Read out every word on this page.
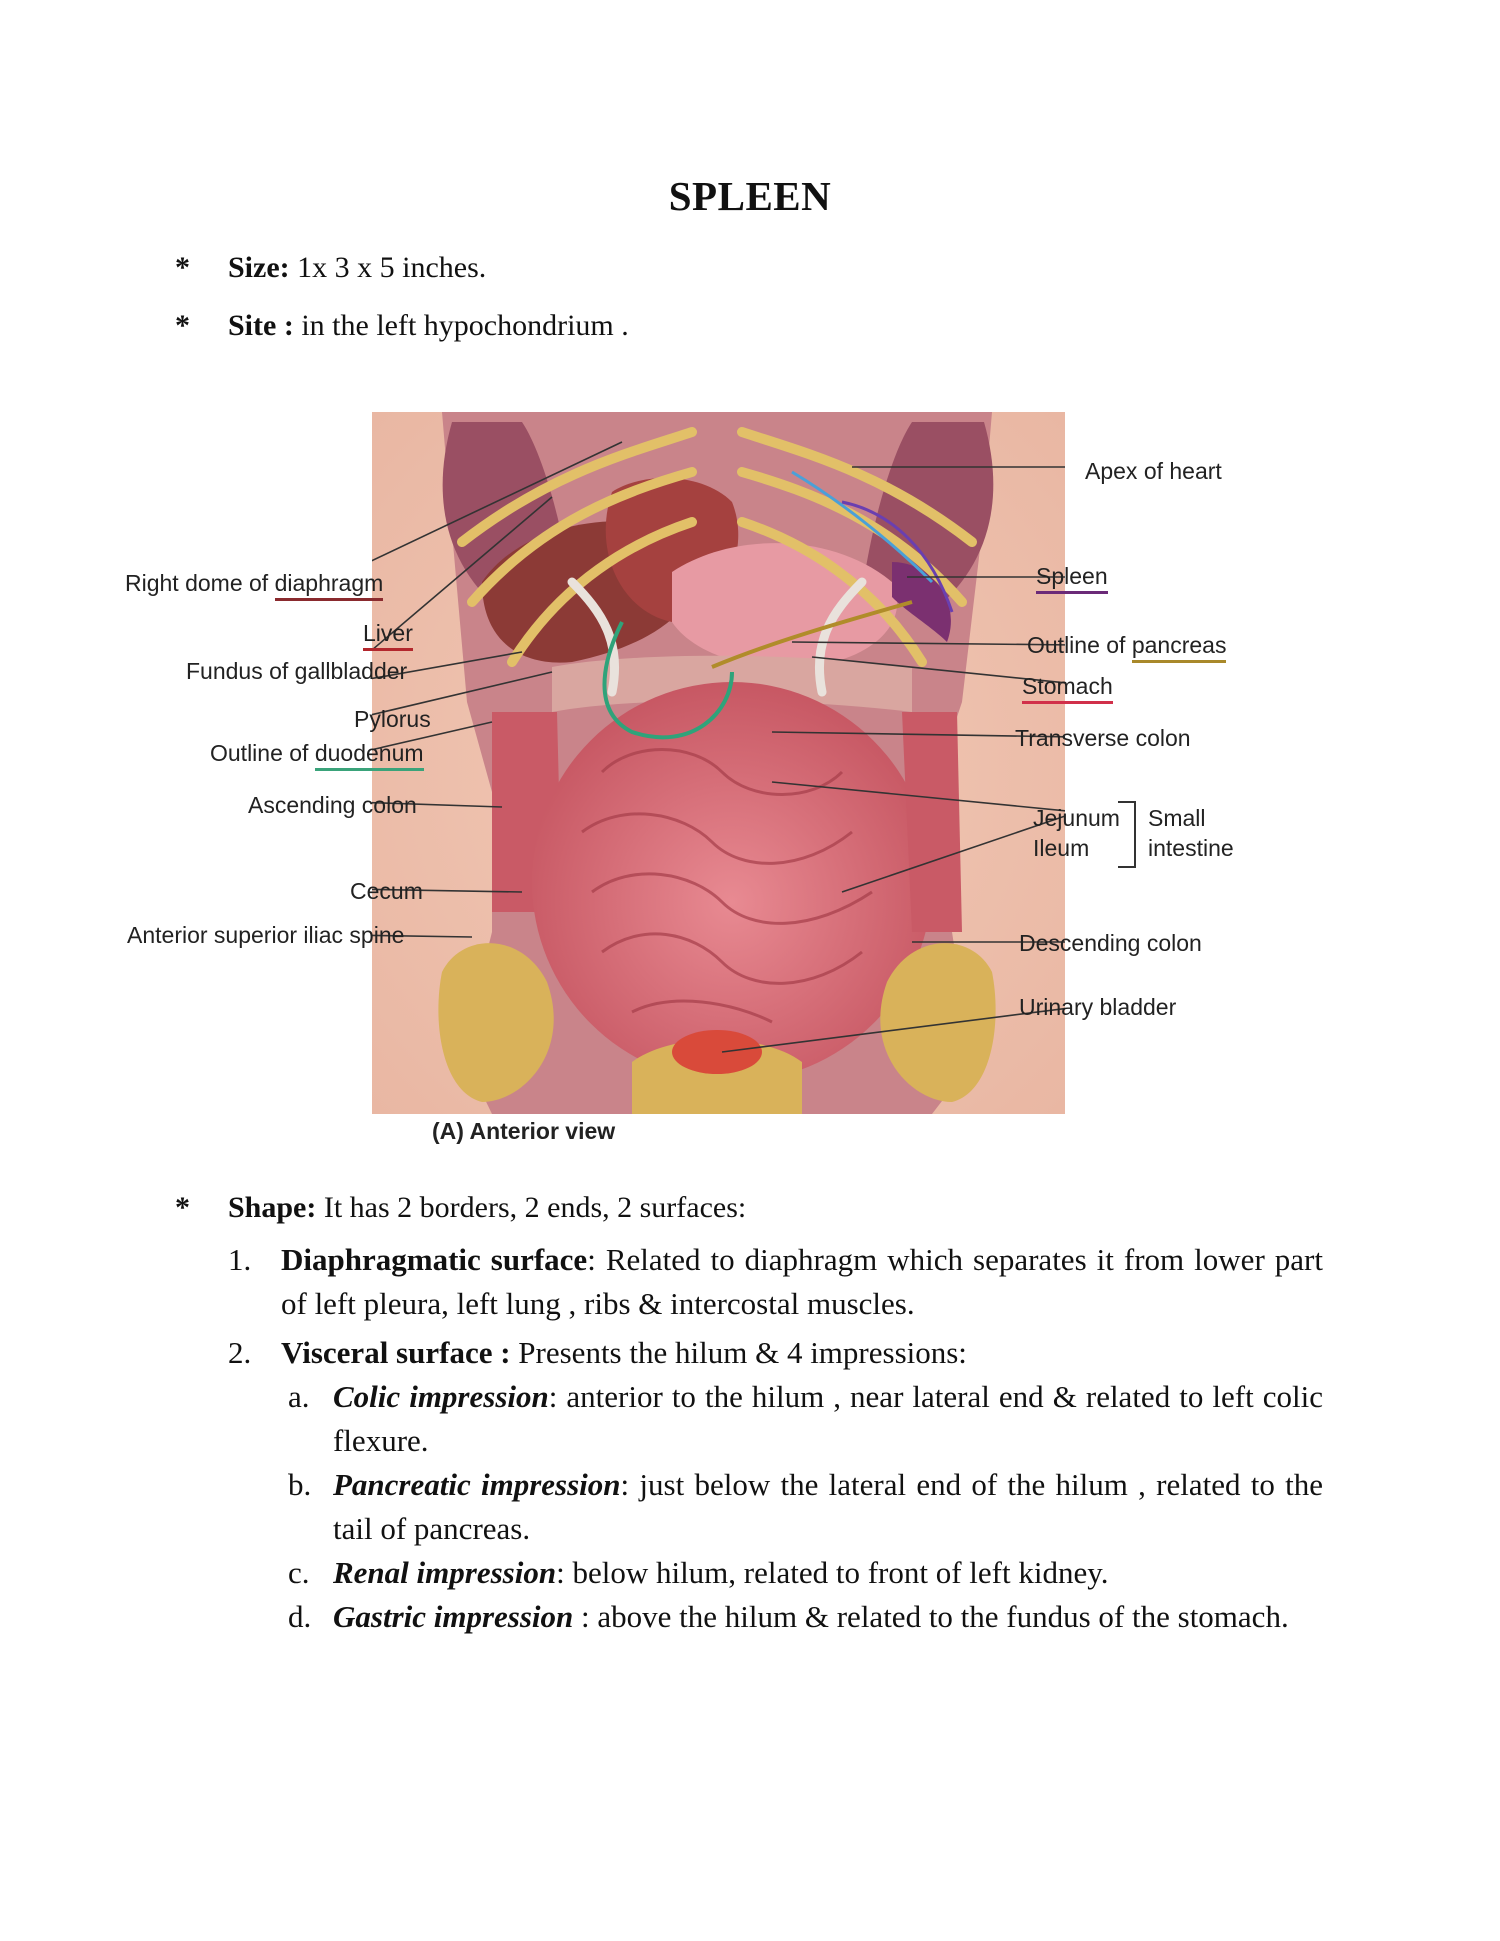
SPLEEN
* Size: 1x 3 x 5 inches.
* Site : in the left hypochondrium .
Apex of heart
Spleen
Outline of pancreas
Stomach
Transverse colon
Jejunum
Ileum
Small
intestine
Descending colon
Urinary bladder
Right dome of diaphragm
Liver
Fundus of gallbladder
Pylorus
Outline of duodenum
Ascending colon
Cecum
Anterior superior iliac spine
(A) Anterior view
* Shape: It has 2 borders, 2 ends, 2 surfaces:
1. Diaphragmatic surface: Related to diaphragm which separates it from lower part of left pleura, left lung , ribs & intercostal muscles.
2. Visceral surface : Presents the hilum & 4 impressions:
a. Colic impression: anterior to the hilum , near lateral end & related to left colic flexure.
b. Pancreatic impression: just below the lateral end of the hilum , related to the tail of pancreas.
c. Renal impression: below hilum, related to front of left kidney.
d. Gastric impression : above the hilum & related to the fundus of the stomach.
